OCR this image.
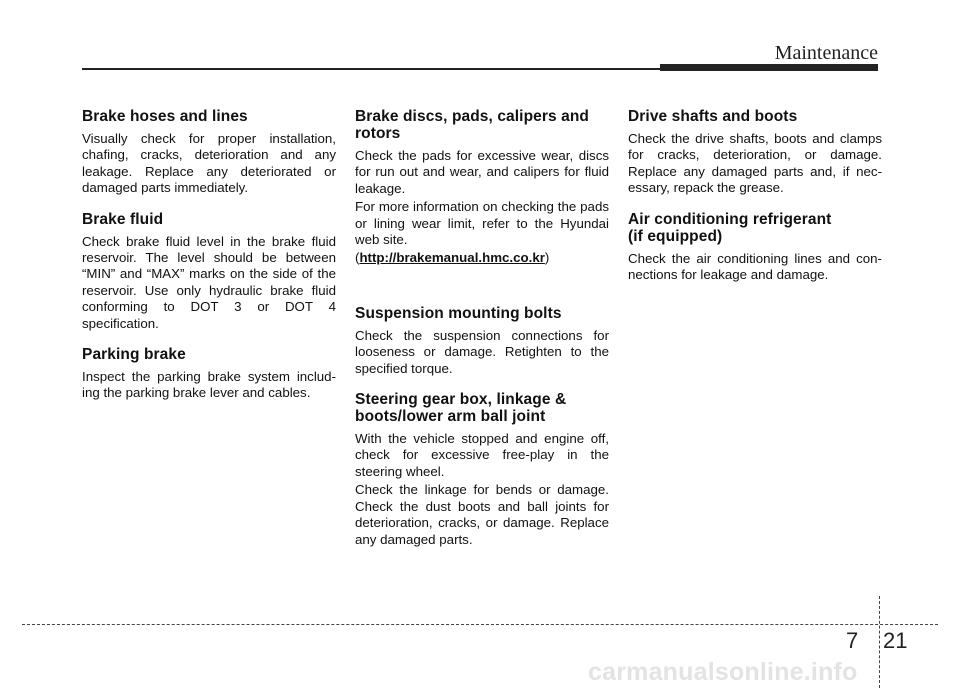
Maintenance
Brake hoses and lines

Visually check for proper installation, chafing, cracks, deterioration and any leakage. Replace any deteriorated or damaged parts immediately.

Brake fluid

Check brake fluid level in the brake fluid reservoir. The level should be between “MIN” and “MAX” marks on the side of the reservoir. Use only hydraulic brake fluid conforming to DOT 3 or DOT 4 specification.

Parking brake

Inspect the parking brake system includ- ing the parking brake lever and cables.

Brake discs, pads, calipers and rotors

Check the pads for excessive wear, discs for run out and wear, and calipers for fluid leakage.

For more information on checking the pads or lining wear limit, refer to the Hyundai web site.

(http://brakemanual.hmc.co.kr)

Suspension mounting bolts

Check the suspension connections for looseness or damage. Retighten to the specified torque.

Steering gear box, linkage & boots/lower arm ball joint

With the vehicle stopped and engine off, check for excessive free-play in the steering wheel.

Check the linkage for bends or damage. Check the dust boots and ball joints for deterioration, cracks, or damage. Replace any damaged parts.

Drive shafts and boots

Check the drive shafts, boots and clamps for cracks, deterioration, or damage. Replace any damaged parts and, if nec- essary, repack the grease.

Air conditioning refrigerant (if equipped)

Check the air conditioning lines and con- nections for leakage and damage.

7 21
carmanualsonline.info
